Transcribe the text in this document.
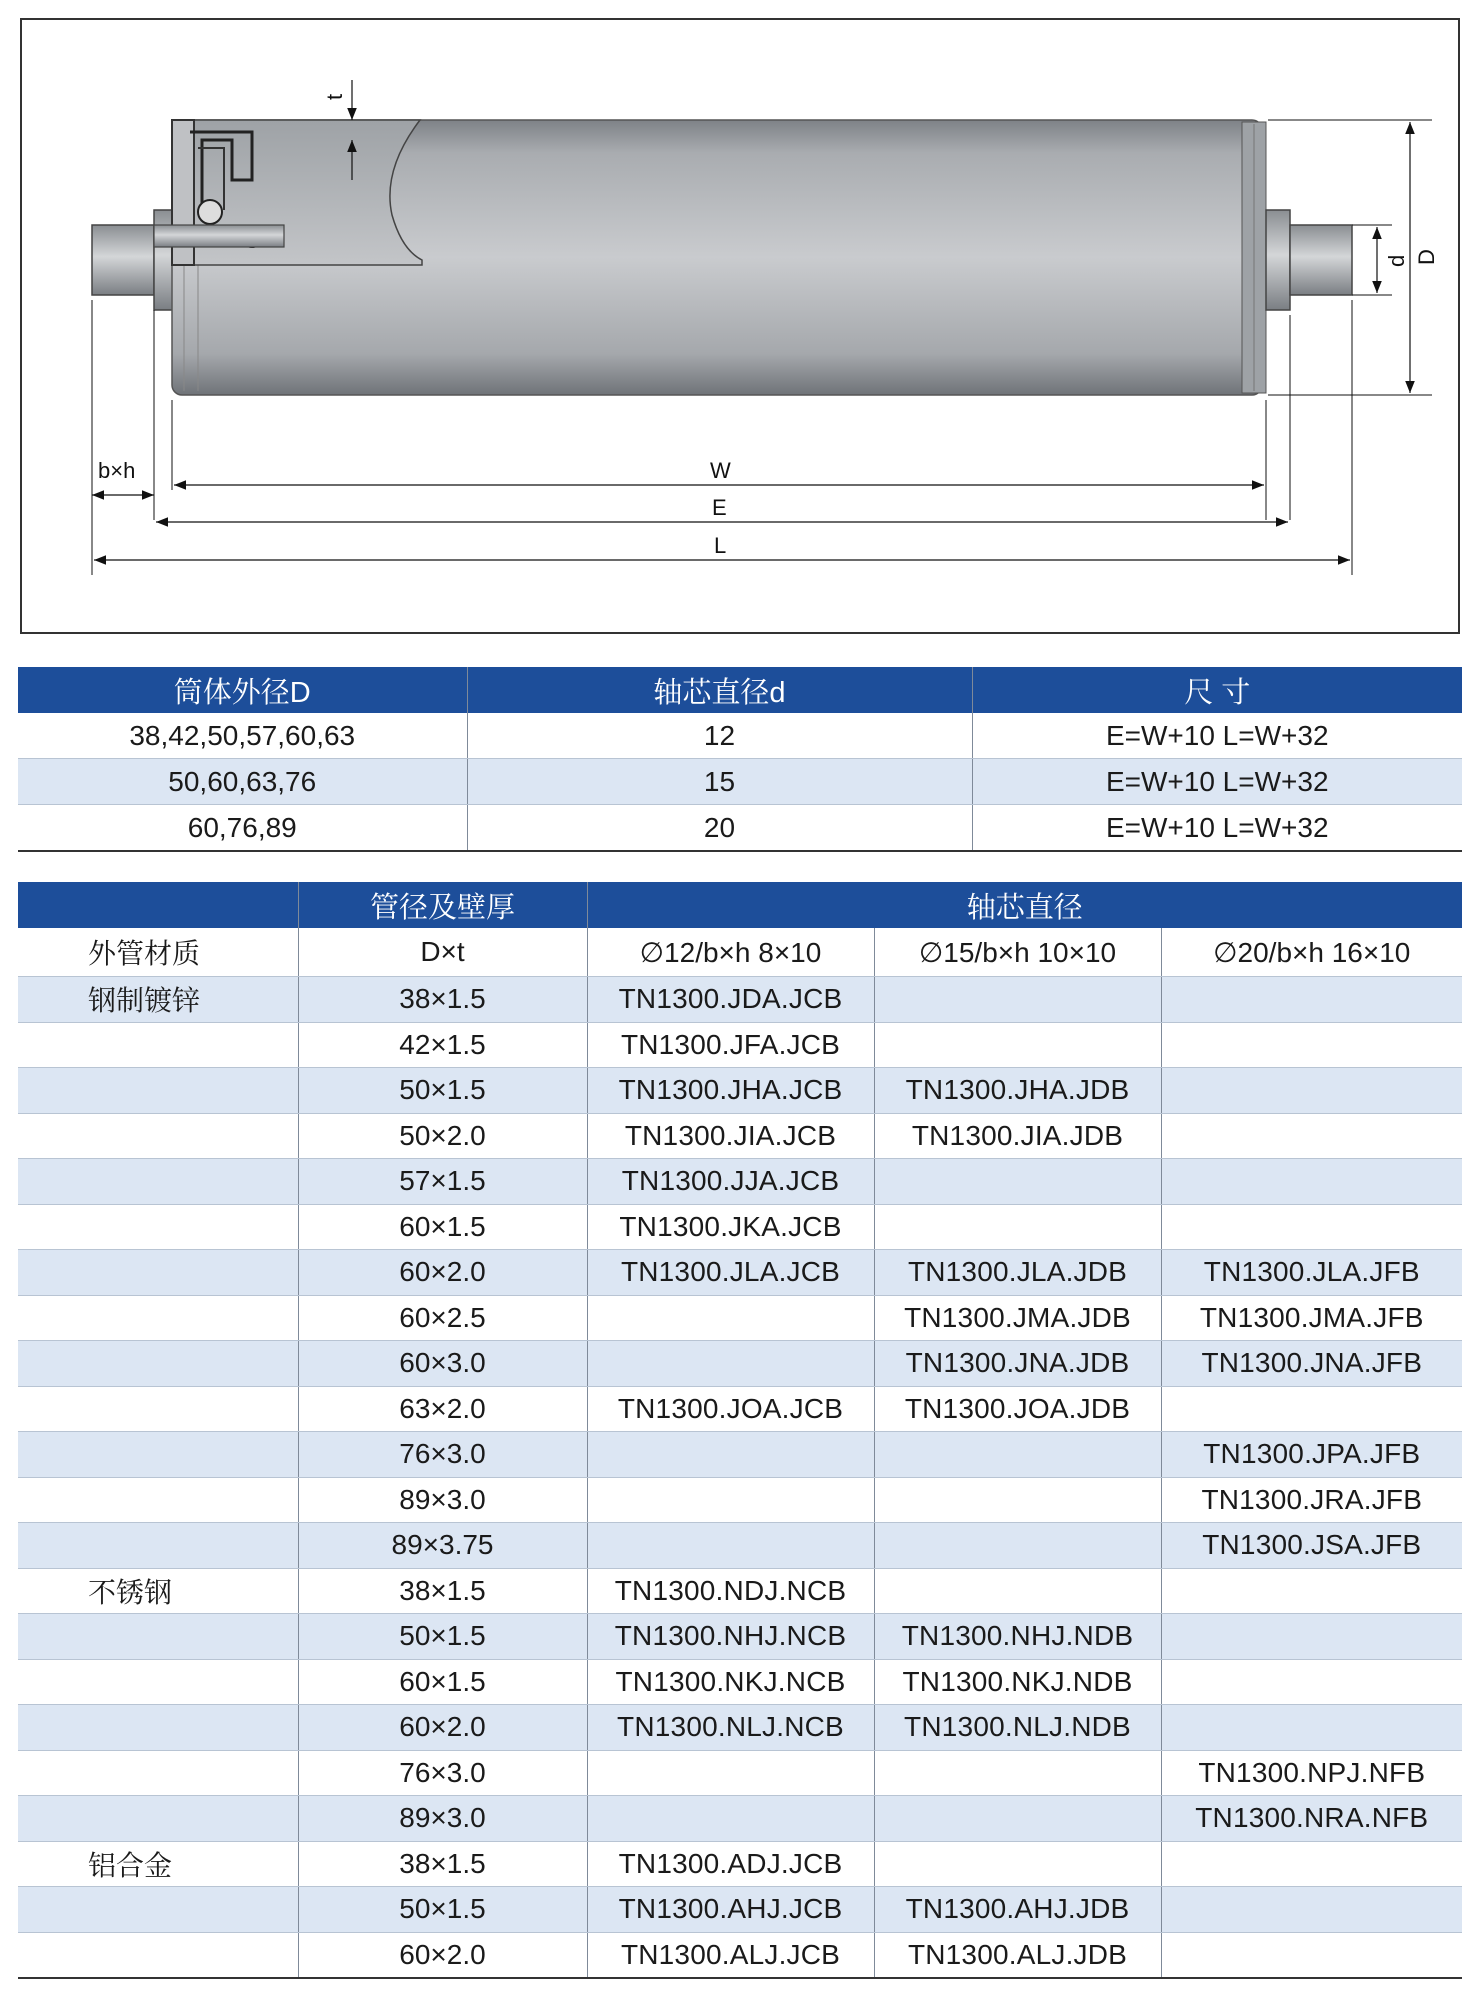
t
D
d
b×h	W
E
L
筒体外径D	轴芯直径d	尺 寸
38,42,50,57,60,63	12	E=W+10 L=W+32
50,60,63,76	15	E=W+10 L=W+32
60,76,89	20	E=W+10 L=W+32
	管径及壁厚	轴芯直径		
外管材质	D×t	∅12/b×h 8×10	∅15/b×h 10×10	∅20/b×h 16×10
钢制镀锌	38×1.5	TN1300.JDA.JCB		
	42×1.5	TN1300.JFA.JCB		
	50×1.5	TN1300.JHA.JCB	TN1300.JHA.JDB	
	50×2.0	TN1300.JIA.JCB	TN1300.JIA.JDB	
	57×1.5	TN1300.JJA.JCB		
	60×1.5	TN1300.JKA.JCB		
	60×2.0	TN1300.JLA.JCB	TN1300.JLA.JDB	TN1300.JLA.JFB
	60×2.5		TN1300.JMA.JDB	TN1300.JMA.JFB
	60×3.0		TN1300.JNA.JDB	TN1300.JNA.JFB
	63×2.0	TN1300.JOA.JCB	TN1300.JOA.JDB	
	76×3.0			TN1300.JPA.JFB
	89×3.0			TN1300.JRA.JFB
	89×3.75			TN1300.JSA.JFB
不锈钢	38×1.5	TN1300.NDJ.NCB		
	50×1.5	TN1300.NHJ.NCB	TN1300.NHJ.NDB	
	60×1.5	TN1300.NKJ.NCB	TN1300.NKJ.NDB	
	60×2.0	TN1300.NLJ.NCB	TN1300.NLJ.NDB	
	76×3.0			TN1300.NPJ.NFB
	89×3.0			TN1300.NRA.NFB
铝合金	38×1.5	TN1300.ADJ.JCB		
	50×1.5	TN1300.AHJ.JCB	TN1300.AHJ.JDB	
	60×2.0	TN1300.ALJ.JCB	TN1300.ALJ.JDB	
